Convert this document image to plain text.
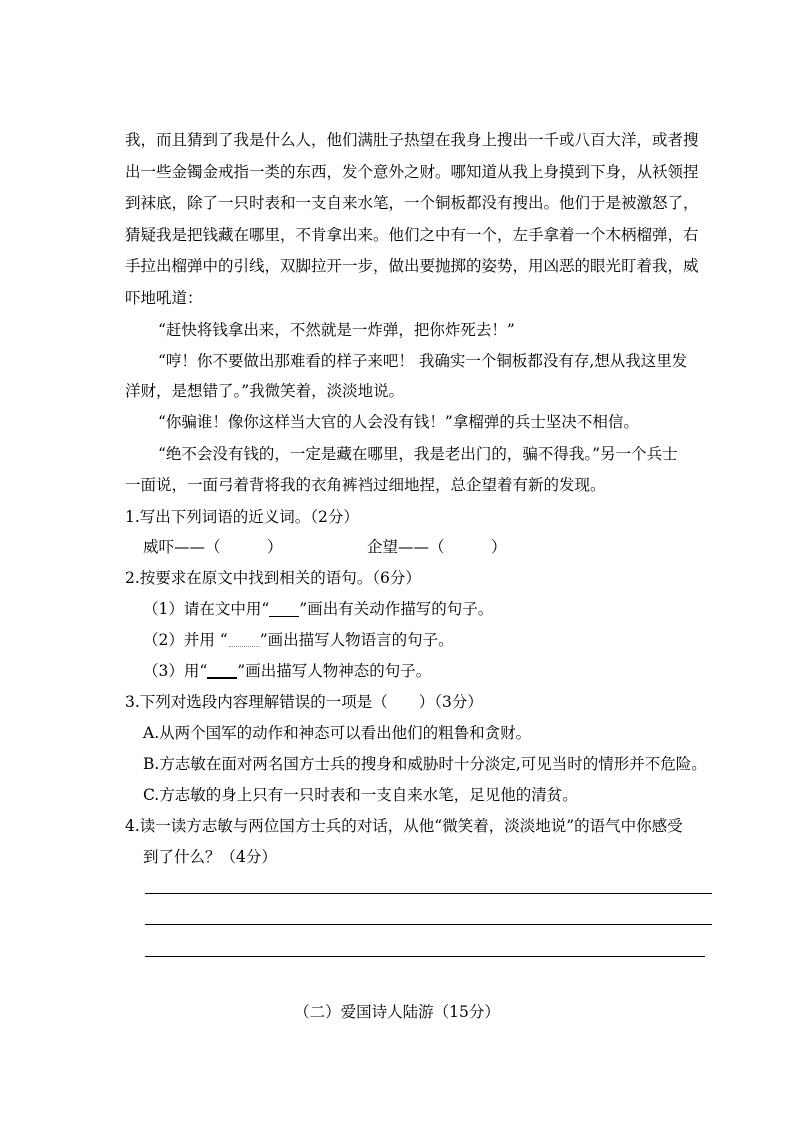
我，而且猜到了我是什么人，他们满肚子热望在我身上搜出一千或八百大洋，或者搜
出一些金镯金戒指一类的东西，发个意外之财。哪知道从我上身摸到下身，从袄领捏
到袜底，除了一只时表和一支自来水笔，一个铜板都没有搜出。他们于是被激怒了，
猜疑我是把钱藏在哪里，不肯拿出来。他们之中有一个，左手拿着一个木柄榴弹，右
手拉出榴弹中的引线，双脚拉开一步，做出要抛掷的姿势，用凶恶的眼光盯着我，威
吓地吼道：
“赶快将钱拿出来，不然就是一炸弹，把你炸死去！”
“哼！你不要做出那难看的样子来吧！ 我确实一个铜板都没有存,想从我这里发
洋财，是想错了。”我微笑着，淡淡地说。
“你骗谁！像你这样当大官的人会没有钱！”拿榴弹的兵士坚决不相信。
“绝不会没有钱的，一定是藏在哪里，我是老出门的，骗不得我。”另一个兵士
一面说，一面弓着背将我的衣角裤裆过细地捏，总企望着有新的发现。
1.写出下列词语的近义词。（2分）
威吓——（　　　）	企望——（　　　）
2.按要求在原文中找到相关的语句。（6分）
（1）请在文中用“ ”画出有关动作描写的句子。
（2）并用 “ ”画出描写人物语言的句子。
（3）用“ ”画出描写人物神态的句子。
3.下列对选段内容理解错误的一项是（　　）（3分）
A.从两个国军的动作和神态可以看出他们的粗鲁和贪财。
B.方志敏在面对两名国方士兵的搜身和威胁时十分淡定,可见当时的情形并不危险。
C.方志敏的身上只有一只时表和一支自来水笔，足见他的清贫。
4.读一读方志敏与两位国方士兵的对话，从他“微笑着，淡淡地说”的语气中你感受
到了什么？（4分）
（二）爱国诗人陆游（15分）
